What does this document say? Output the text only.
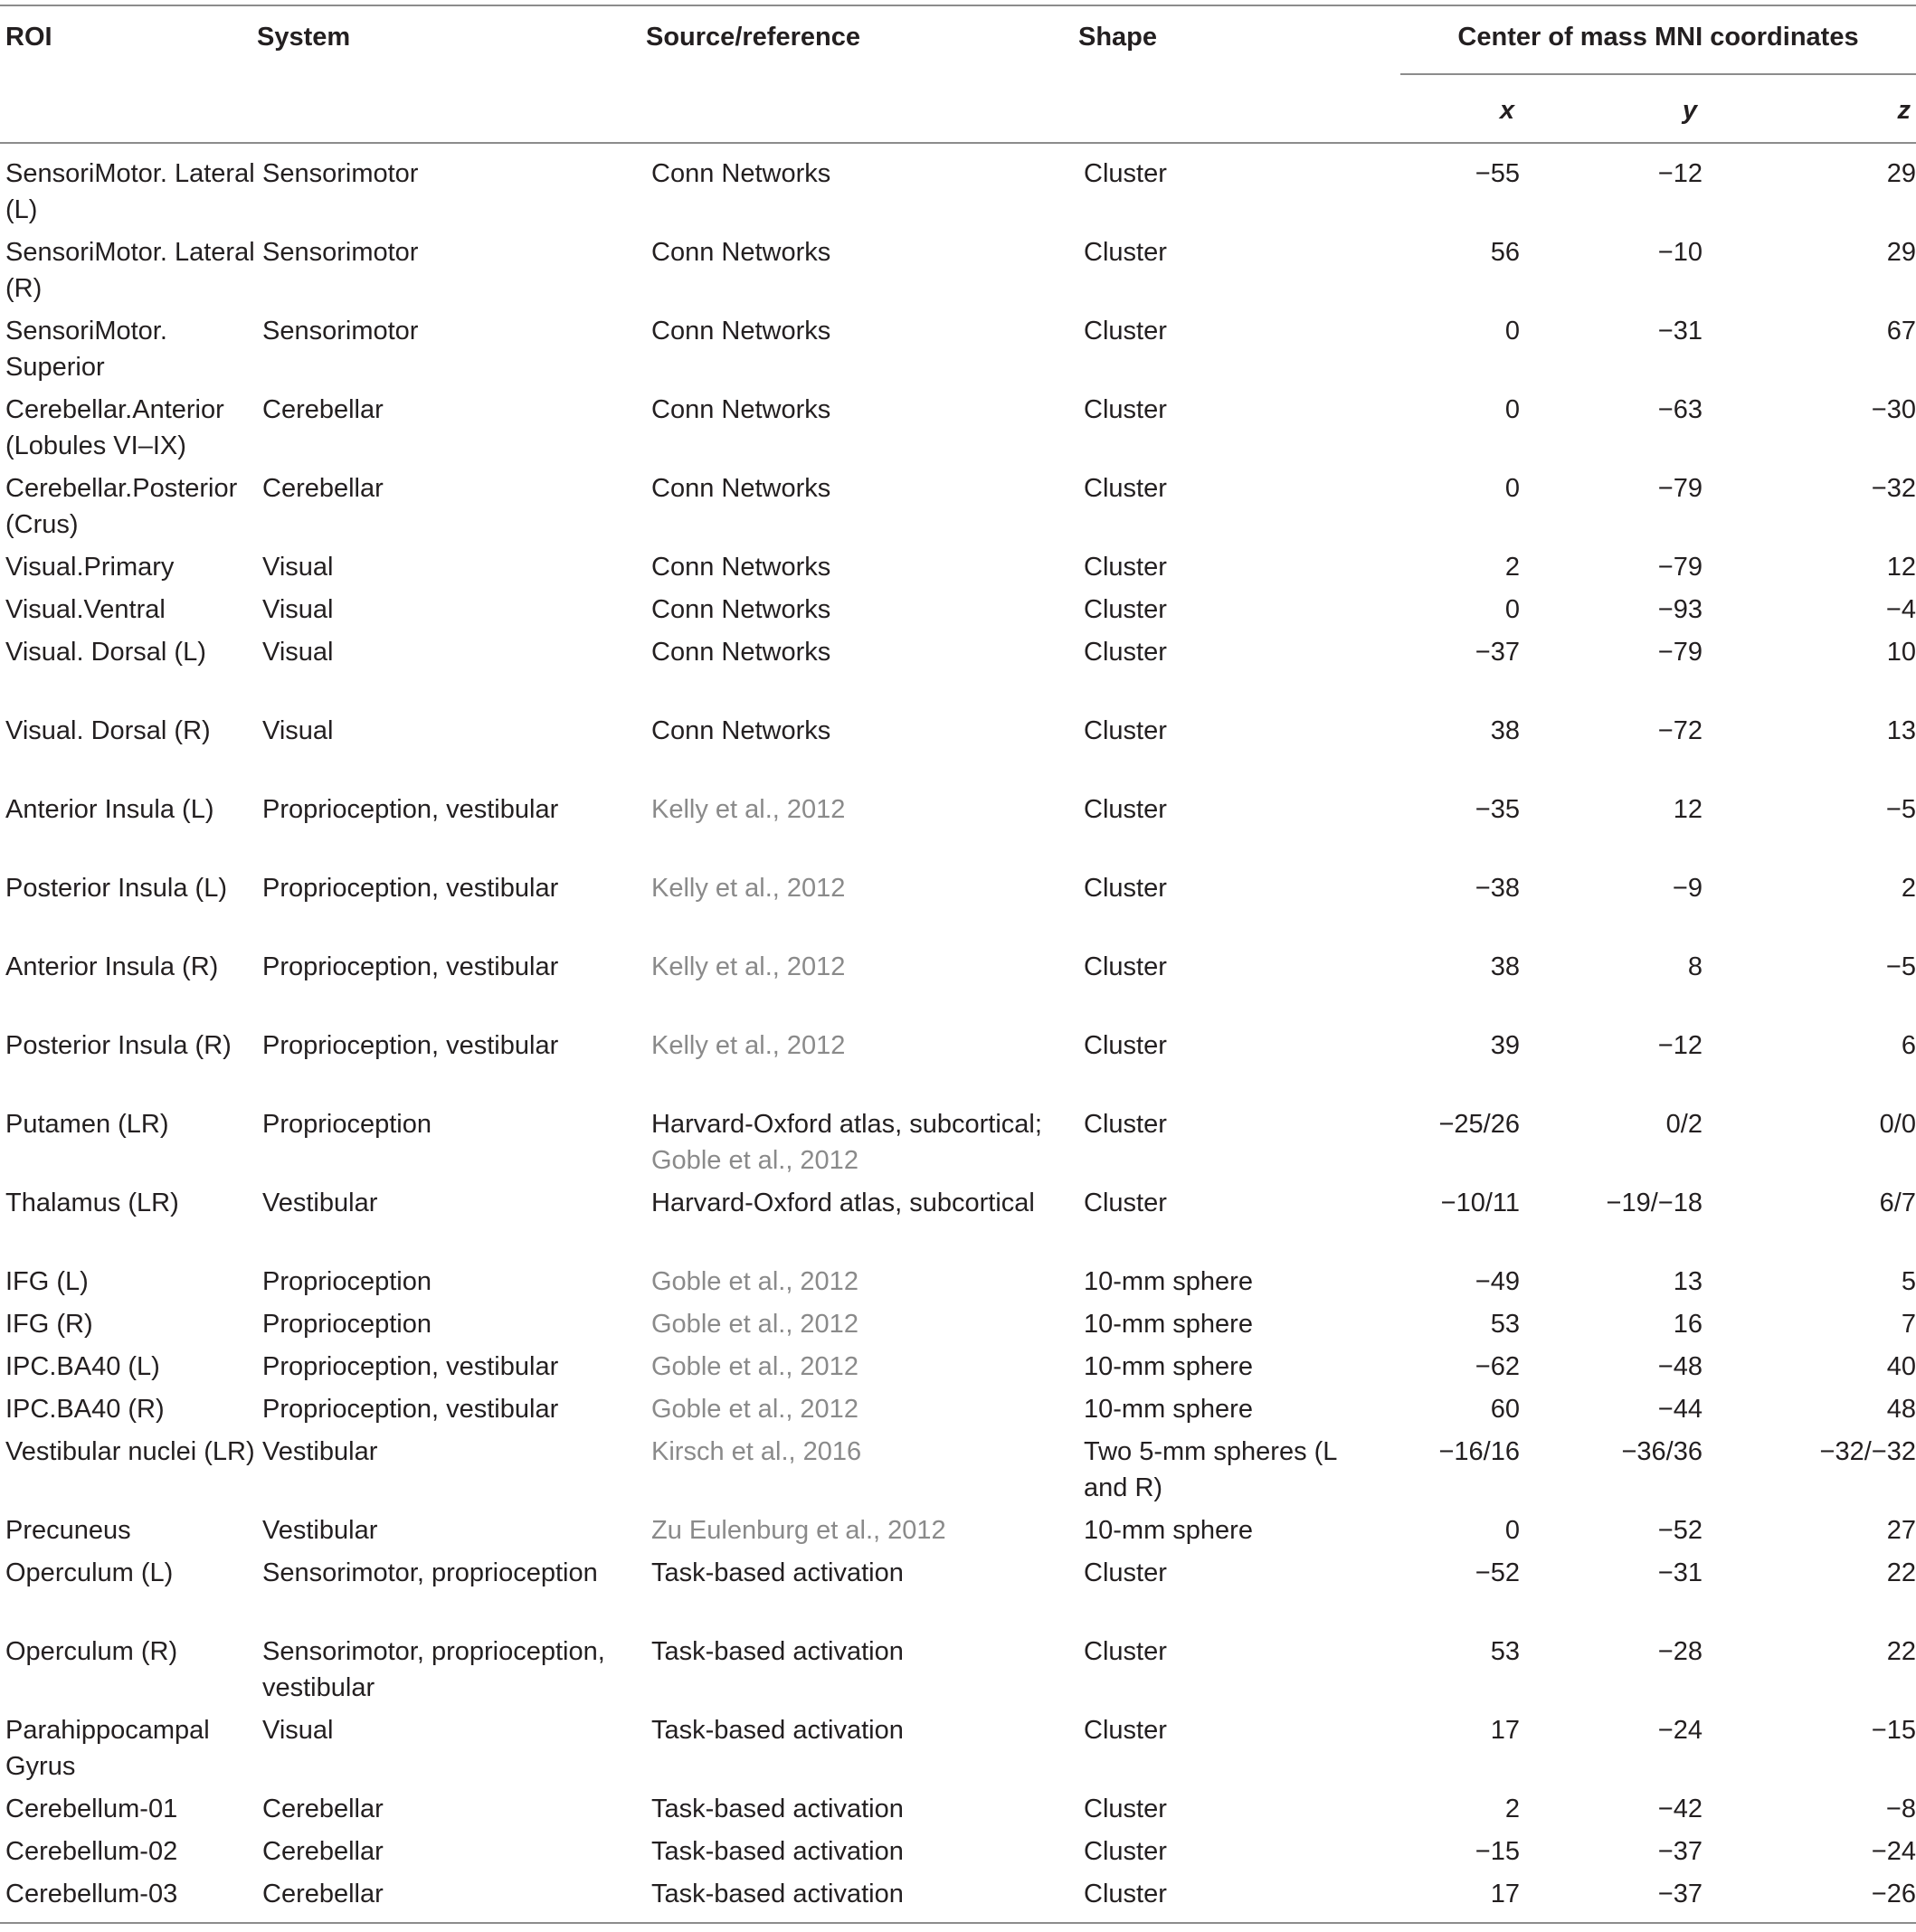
ROI	System	Source/reference	Shape	Center of mass MNI coordinates
x	y	z
SensoriMotor. Lateral (L)	Sensorimotor	Conn Networks	Cluster	−55	−12	29
SensoriMotor. Lateral (R)	Sensorimotor	Conn Networks	Cluster	56	−10	29
SensoriMotor. Superior	Sensorimotor	Conn Networks	Cluster	0	−31	67
Cerebellar.Anterior (Lobules VI–IX)	Cerebellar	Conn Networks	Cluster	0	−63	−30
Cerebellar.Posterior (Crus)	Cerebellar	Conn Networks	Cluster	0	−79	−32
Visual.Primary	Visual	Conn Networks	Cluster	2	−79	12
Visual.Ventral	Visual	Conn Networks	Cluster	0	−93	−4
Visual. Dorsal (L)	Visual	Conn Networks	Cluster	−37	−79	10
Visual. Dorsal (R)	Visual	Conn Networks	Cluster	38	−72	13
Anterior Insula (L)	Proprioception, vestibular	Kelly et al., 2012	Cluster	−35	12	−5
Posterior Insula (L)	Proprioception, vestibular	Kelly et al., 2012	Cluster	−38	−9	2
Anterior Insula (R)	Proprioception, vestibular	Kelly et al., 2012	Cluster	38	8	−5
Posterior Insula (R)	Proprioception, vestibular	Kelly et al., 2012	Cluster	39	−12	6
Putamen (LR)	Proprioception	Harvard-Oxford atlas, subcortical; Goble et al., 2012	Cluster	−25/26	0/2	0/0
Thalamus (LR)	Vestibular	Harvard-Oxford atlas, subcortical	Cluster	−10/11	−19/−18	6/7
IFG (L)	Proprioception	Goble et al., 2012	10-mm sphere	−49	13	5
IFG (R)	Proprioception	Goble et al., 2012	10-mm sphere	53	16	7
IPC.BA40 (L)	Proprioception, vestibular	Goble et al., 2012	10-mm sphere	−62	−48	40
IPC.BA40 (R)	Proprioception, vestibular	Goble et al., 2012	10-mm sphere	60	−44	48
Vestibular nuclei (LR)	Vestibular	Kirsch et al., 2016	Two 5-mm spheres (L and R)	−16/16	−36/36	−32/−32
Precuneus	Vestibular	Zu Eulenburg et al., 2012	10-mm sphere	0	−52	27
Operculum (L)	Sensorimotor, proprioception	Task-based activation	Cluster	−52	−31	22
Operculum (R)	Sensorimotor, proprioception, vestibular	Task-based activation	Cluster	53	−28	22
Parahippocampal Gyrus	Visual	Task-based activation	Cluster	17	−24	−15
Cerebellum-01	Cerebellar	Task-based activation	Cluster	2	−42	−8
Cerebellum-02	Cerebellar	Task-based activation	Cluster	−15	−37	−24
Cerebellum-03	Cerebellar	Task-based activation	Cluster	17	−37	−26
